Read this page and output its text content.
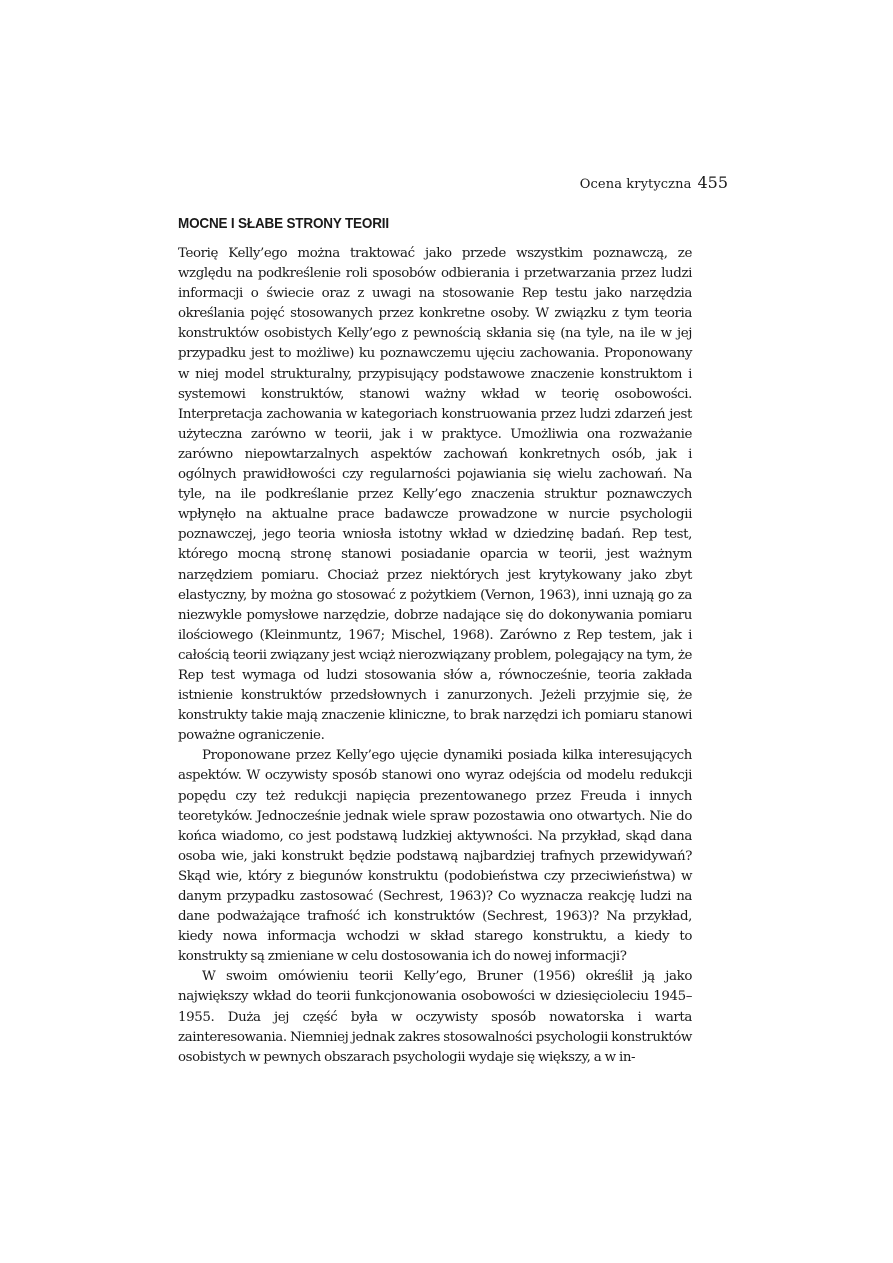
Ocena krytyczna 455
MOCNE I SŁABE STRONY TEORII

Teorię Kelly’ego można traktować jako przede wszystkim poznawczą, ze względu na podkreślenie roli sposobów odbierania i przetwarzania przez ludzi informacji o świecie oraz z uwagi na stosowanie Rep testu jako narzędzia określania pojęć stosowanych przez konkretne osoby. W związku z tym teoria konstruktów osobistych Kelly’ego z pewnością skłania się (na tyle, na ile w jej przypadku jest to możliwe) ku poznawczemu ujęciu zachowania. Proponowany w niej model strukturalny, przypisujący podstawowe znaczenie konstruktom i systemowi konstruktów, stanowi ważny wkład w teorię osobowości. Interpretacja zachowania w kategoriach konstruowania przez ludzi zdarzeń jest użyteczna zarówno w teorii, jak i w praktyce. Umożliwia ona rozważanie zarówno niepowtarzalnych aspektów zachowań konkretnych osób, jak i ogólnych prawidłowości czy regularności pojawiania się wielu zachowań. Na tyle, na ile podkreślanie przez Kelly’ego znaczenia struktur poznawczych wpłynęło na aktualne prace badawcze prowadzone w nurcie psychologii poznawczej, jego teoria wniosła istotny wkład w dziedzinę badań. Rep test, którego mocną stronę stanowi posiadanie oparcia w teorii, jest ważnym narzędziem pomiaru. Chociaż przez niektórych jest krytykowany jako zbyt elastyczny, by można go stosować z pożytkiem (Vernon, 1963), inni uznają go za niezwykle pomysłowe narzędzie, dobrze nadające się do dokonywania pomiaru ilościowego (Kleinmuntz, 1967; Mischel, 1968). Zarówno z Rep testem, jak i całością teorii związany jest wciąż nierozwiązany problem, polegający na tym, że Rep test wymaga od ludzi stosowania słów a, równocześnie, teoria zakłada istnienie konstruktów przedsłownych i zanurzonych. Jeżeli przyjmie się, że konstrukty takie mają znaczenie kliniczne, to brak narzędzi ich pomiaru stanowi poważne ograniczenie.

Proponowane przez Kelly’ego ujęcie dynamiki posiada kilka interesujących aspektów. W oczywisty sposób stanowi ono wyraz odejścia od modelu redukcji popędu czy też redukcji napięcia prezentowanego przez Freuda i innych teoretyków. Jednocześnie jednak wiele spraw pozostawia ono otwartych. Nie do końca wiadomo, co jest podstawą ludzkiej aktywności. Na przykład, skąd dana osoba wie, jaki konstrukt będzie podstawą najbardziej trafnych przewidywań? Skąd wie, który z biegunów konstruktu (podobieństwa czy przeciwieństwa) w danym przypadku zastosować (Sechrest, 1963)? Co wyznacza reakcję ludzi na dane podważające trafność ich konstruktów (Sechrest, 1963)? Na przykład, kiedy nowa informacja wchodzi w skład starego konstruktu, a kiedy to konstrukty są zmieniane w celu dostosowania ich do nowej informacji?

W swoim omówieniu teorii Kelly’ego, Bruner (1956) określił ją jako największy wkład do teorii funkcjonowania osobowości w dziesięcioleciu 1945–1955. Duża jej część była w oczywisty sposób nowatorska i warta zainteresowania. Niemniej jednak zakres stosowalności psychologii konstruktów osobistych w pewnych obszarach psychologii wydaje się większy, a w in-
